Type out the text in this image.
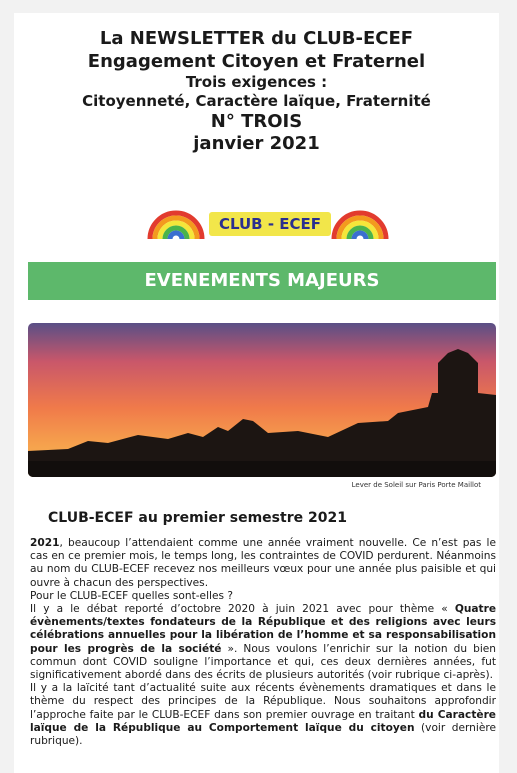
La NEWSLETTER du CLUB-ECEF
Engagement Citoyen et Fraternel
Trois exigences :
Citoyenneté, Caractère laïque, Fraternité
N° TROIS
janvier 2021
CLUB - ECEF
EVENEMENTS MAJEURS
Lever de Soleil sur Paris Porte Maillot
CLUB-ECEF au premier semestre 2021

2021, beaucoup l’attendaient comme une année vraiment nouvelle. Ce n’est pas le cas en ce premier mois, le temps long, les contraintes de COVID perdurent. Néanmoins au nom du CLUB-ECEF recevez nos meilleurs vœux pour une année plus paisible et qui ouvre à chacun des perspectives.

Pour le CLUB-ECEF quelles sont-elles ?

Il y a le débat reporté d’octobre 2020 à juin 2021 avec pour thème « Quatre évènements/textes fondateurs de la République et des religions avec leurs célébrations annuelles pour la libération de l’homme et sa responsabilisation pour les progrès de la société ». Nous voulons l’enrichir sur la notion du bien commun dont COVID souligne l’importance et qui, ces deux dernières années, fut significativement abordé dans des écrits de plusieurs autorités (voir rubrique ci-après).

Il y a la laïcité tant d’actualité suite aux récents évènements dramatiques et dans le thème du respect des principes de la République. Nous souhaitons approfondir l’approche faite par le CLUB-ECEF dans son premier ouvrage en traitant du Caractère laïque de la République au Comportement laïque du citoyen (voir dernière rubrique).
